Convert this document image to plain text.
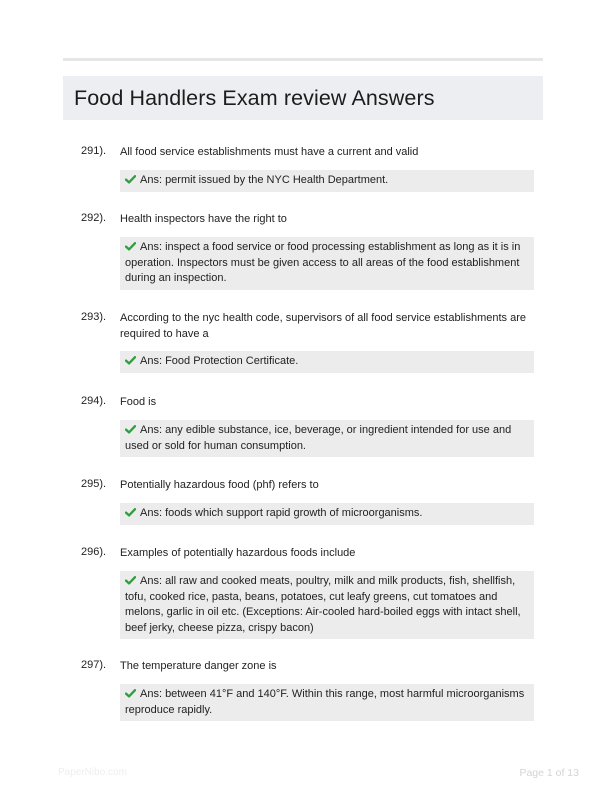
Food Handlers Exam review Answers
291). All food service establishments must have a current and valid
Ans: permit issued by the NYC Health Department.
292). Health inspectors have the right to
Ans: inspect a food service or food processing establishment as long as it is in operation. Inspectors must be given access to all areas of the food establishment during an inspection.
293). According to the nyc health code, supervisors of all food service establishments are required to have a
Ans: Food Protection Certificate.
294). Food is
Ans: any edible substance, ice, beverage, or ingredient intended for use and used or sold for human consumption.
295). Potentially hazardous food (phf) refers to
Ans: foods which support rapid growth of microorganisms.
296). Examples of potentially hazardous foods include
Ans: all raw and cooked meats, poultry, milk and milk products, fish, shellfish, tofu, cooked rice, pasta, beans, potatoes, cut leafy greens, cut tomatoes and melons, garlic in oil etc. (Exceptions: Air-cooled hard-boiled eggs with intact shell, beef jerky, cheese pizza, crispy bacon)
297). The temperature danger zone is
Ans: between 41°F and 140°F. Within this range, most harmful microorganisms reproduce rapidly.
PaperNibo.com	Page 1 of 13
